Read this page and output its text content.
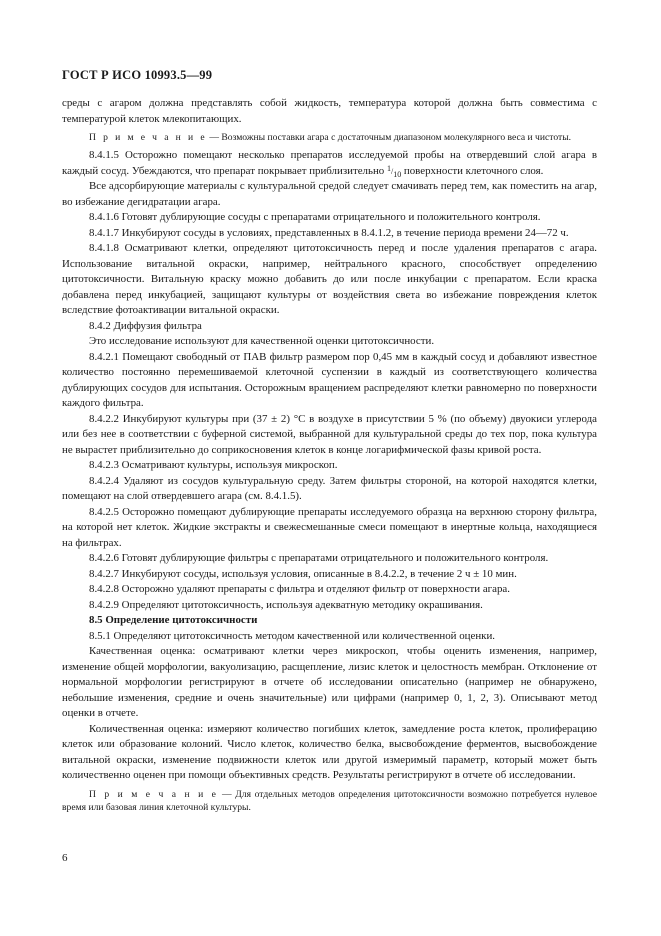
ГОСТ Р ИСО 10993.5—99

среды с агаром должна представлять собой жидкость, температура которой должна быть совместима с температурой клеток млекопитающих.

П р и м е ч а н и е — Возможны поставки агара с достаточным диапазоном молекулярного веса и чистоты.

8.4.1.5 Осторожно помещают несколько препаратов исследуемой пробы на отвердевший слой агара в каждый сосуд. Убеждаются, что препарат покрывает приблизительно 1/10 поверхности клеточного слоя.

Все адсорбирующие материалы с культуральной средой следует смачивать перед тем, как поместить на агар, во избежание дегидратации агара.

8.4.1.6 Готовят дублирующие сосуды с препаратами отрицательного и положительного контроля.

8.4.1.7 Инкубируют сосуды в условиях, представленных в 8.4.1.2, в течение периода времени 24—72 ч.

8.4.1.8 Осматривают клетки, определяют цитотоксичность перед и после удаления препаратов с агара. Использование витальной окраски, например, нейтрального красного, способствует определению цитотоксичности. Витальную краску можно добавить до или после инкубации с препаратом. Если краска добавлена перед инкубацией, защищают культуры от воздействия света во избежание повреждения клеток вследствие фотоактивации витальной окраски.

8.4.2 Диффузия фильтра

Это исследование используют для качественной оценки цитотоксичности.

8.4.2.1 Помещают свободный от ПАВ фильтр размером пор 0,45 мм в каждый сосуд и добавляют известное количество постоянно перемешиваемой клеточной суспензии в каждый из соответствующего количества дублирующих сосудов для испытания. Осторожным вращением распределяют клетки равномерно по поверхности каждого фильтра.

8.4.2.2 Инкубируют культуры при (37 ± 2) °С в воздухе в присутствии 5 % (по объему) двуокиси углерода или без нее в соответствии с буферной системой, выбранной для культуральной среды до тех пор, пока культура не вырастет приблизительно до соприкосновения клеток в конце логарифмической фазы кривой роста.

8.4.2.3 Осматривают культуры, используя микроскоп.

8.4.2.4 Удаляют из сосудов культуральную среду. Затем фильтры стороной, на которой находятся клетки, помещают на слой отвердевшего агара (см. 8.4.1.5).

8.4.2.5 Осторожно помещают дублирующие препараты исследуемого образца на верхнюю сторону фильтра, на которой нет клеток. Жидкие экстракты и свежесмешанные смеси помещают в инертные кольца, находящиеся на фильтрах.

8.4.2.6 Готовят дублирующие фильтры с препаратами отрицательного и положительного контроля.

8.4.2.7 Инкубируют сосуды, используя условия, описанные в 8.4.2.2, в течение 2 ч ± 10 мин.

8.4.2.8 Осторожно удаляют препараты с фильтра и отделяют фильтр от поверхности агара.

8.4.2.9 Определяют цитотоксичность, используя адекватную методику окрашивания.

8.5 Определение цитотоксичности

8.5.1 Определяют цитотоксичность методом качественной или количественной оценки.

Качественная оценка: осматривают клетки через микроскоп, чтобы оценить изменения, например, изменение общей морфологии, вакуолизацию, расщепление, лизис клеток и целостность мембран. Отклонение от нормальной морфологии регистрируют в отчете об исследовании описательно (например не обнаружено, небольшие изменения, средние и очень значительные) или цифрами (например 0, 1, 2, 3). Описывают метод оценки в отчете.

Количественная оценка: измеряют количество погибших клеток, замедление роста клеток, пролиферацию клеток или образование колоний. Число клеток, количество белка, высвобождение ферментов, высвобождение витальной окраски, изменение подвижности клеток или другой измеримый параметр, который может быть количественно оценен при помощи объективных средств. Результаты регистрируют в отчете об исследовании.

П р и м е ч а н и е — Для отдельных методов определения цитотоксичности возможно потребуется нулевое время или базовая линия клеточной культуры.

6
